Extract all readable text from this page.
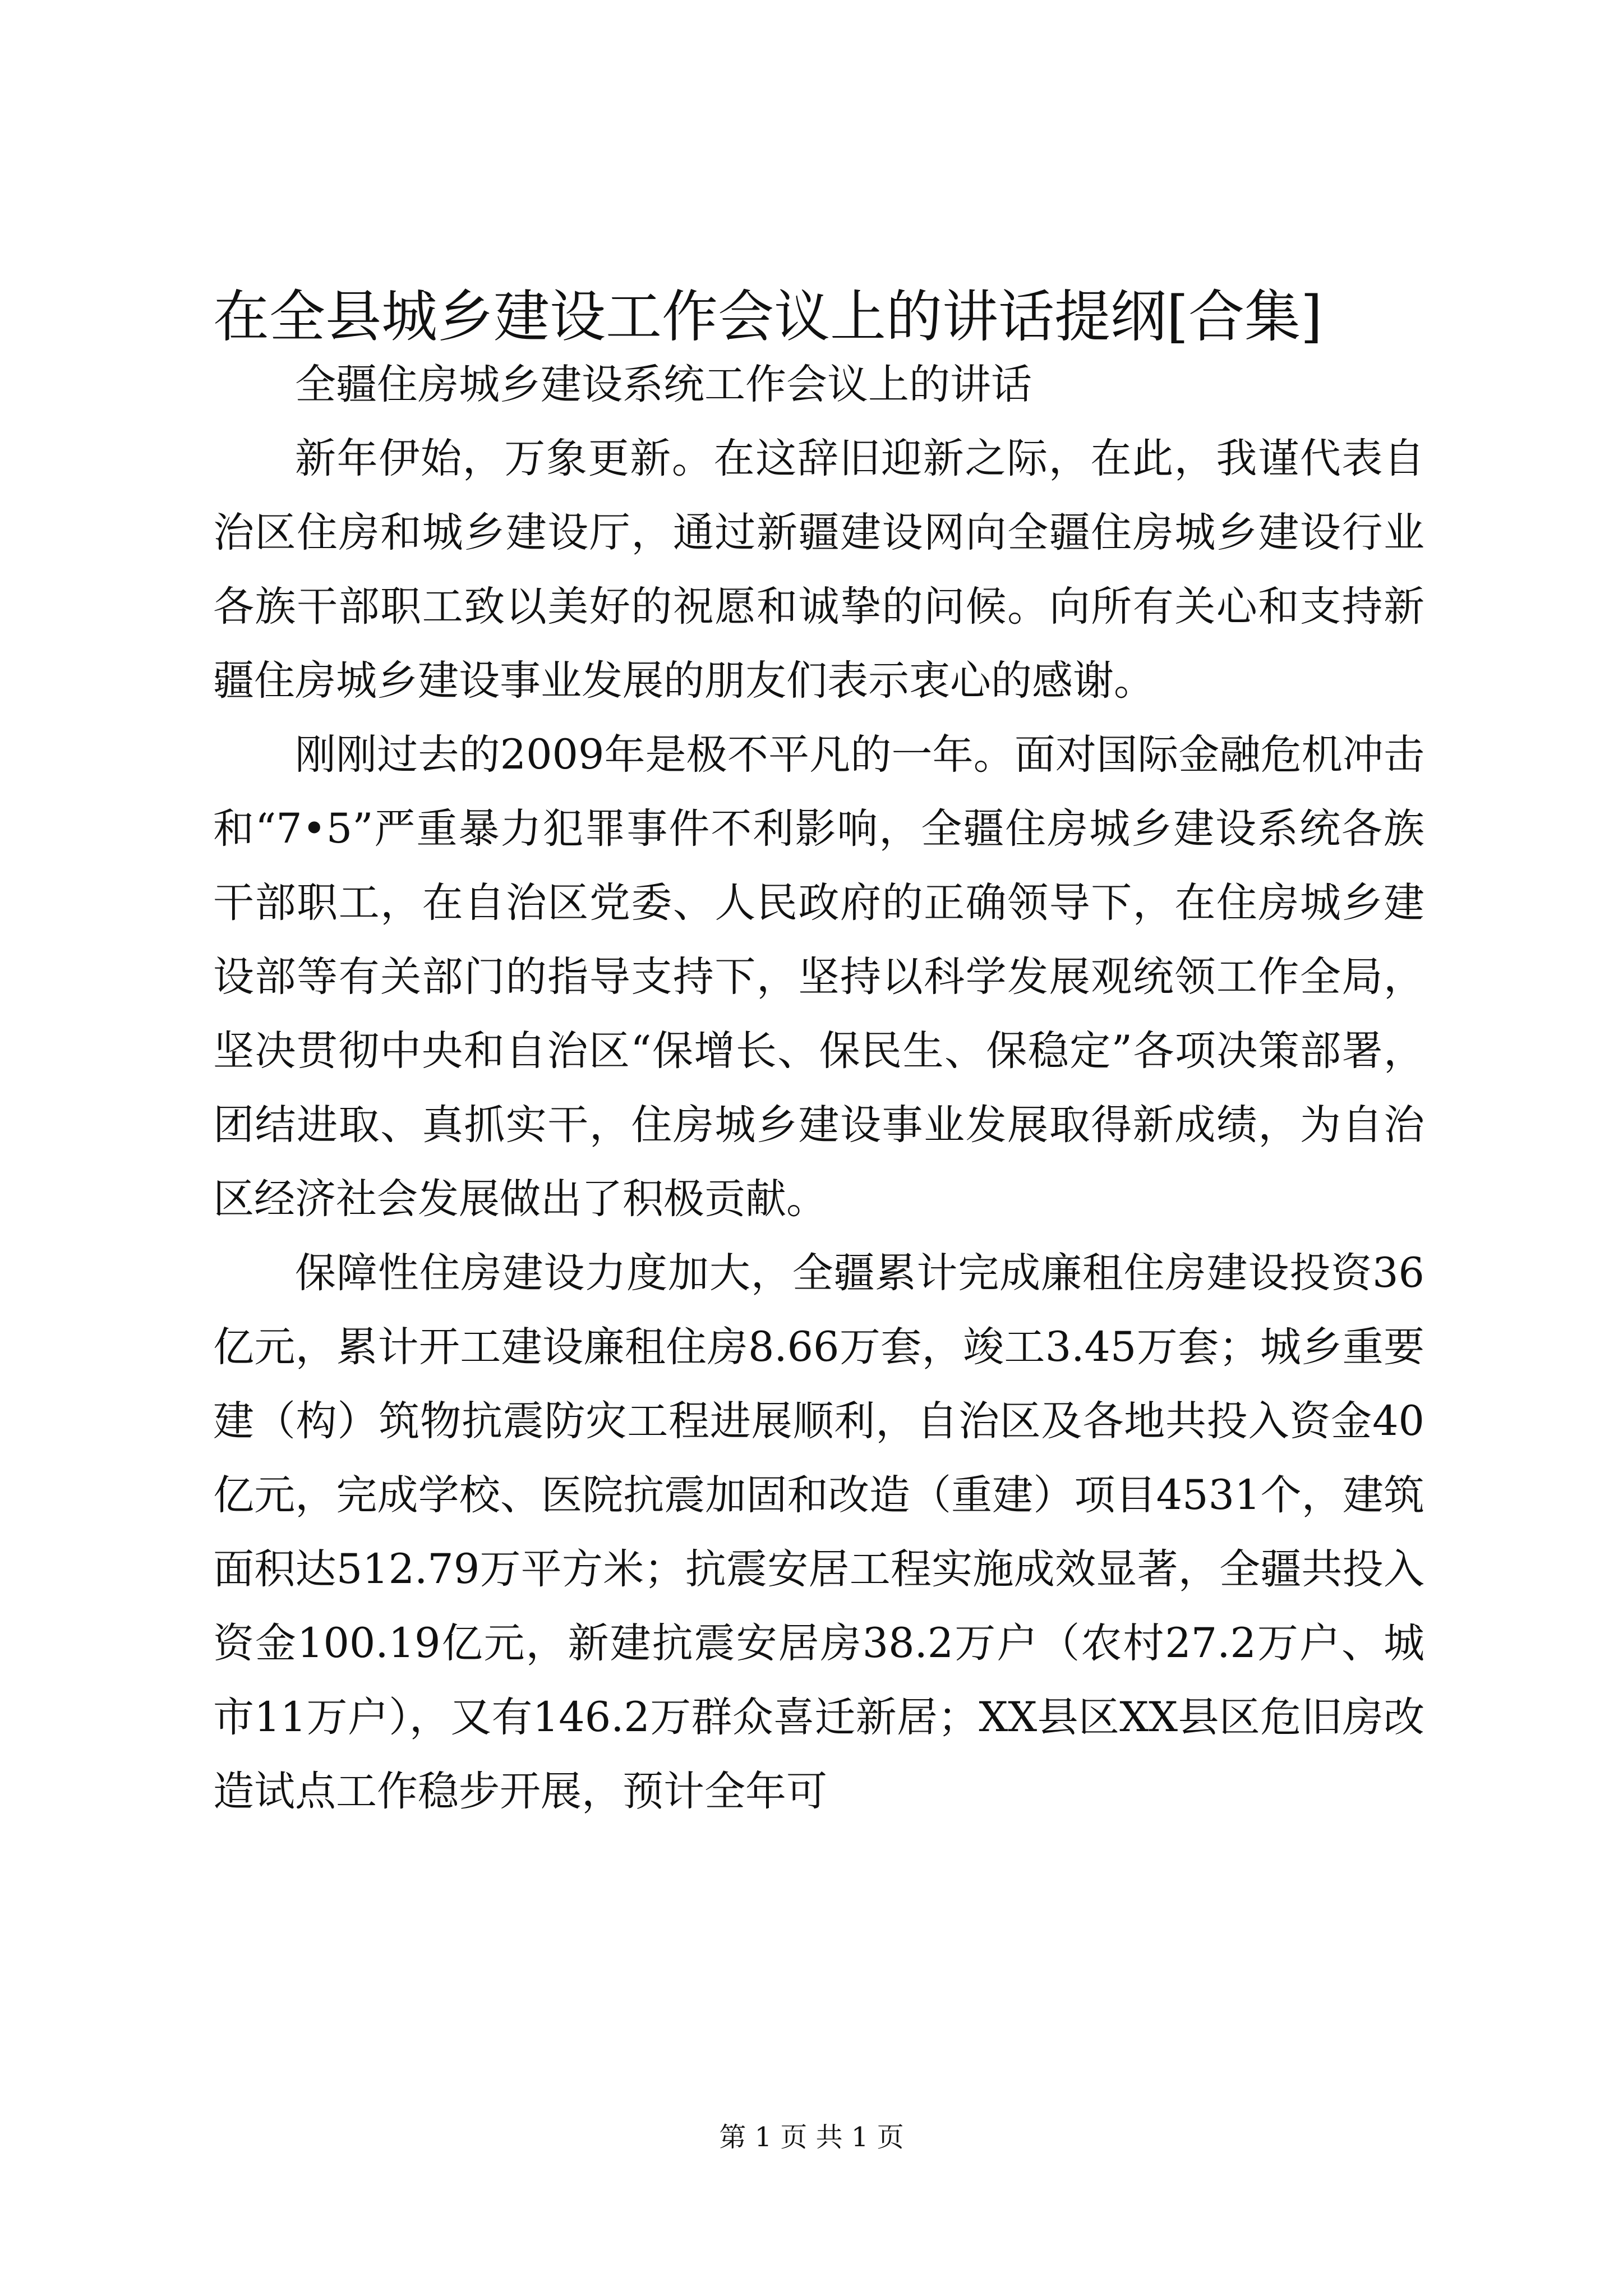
在全县城乡建设工作会议上的讲话提纲[合集]

全疆住房城乡建设系统工作会议上的讲话

新年伊始，万象更新。在这辞旧迎新之际，在此，我谨代表自治区住房和城乡建设厅，通过新疆建设网向全疆住房城乡建设行业各族干部职工致以美好的祝愿和诚挚的问候。向所有关心和支持新疆住房城乡建设事业发展的朋友们表示衷心的感谢。

刚刚过去的2009年是极不平凡的一年。面对国际金融危机冲击和“7•5”严重暴力犯罪事件不利影响，全疆住房城乡建设系统各族干部职工，在自治区党委、人民政府的正确领导下，在住房城乡建设部等有关部门的指导支持下，坚持以科学发展观统领工作全局，坚决贯彻中央和自治区“保增长、保民生、保稳定”各项决策部署，团结进取、真抓实干，住房城乡建设事业发展取得新成绩，为自治区经济社会发展做出了积极贡献。

保障性住房建设力度加大，全疆累计完成廉租住房建设投资36亿元，累计开工建设廉租住房8.66万套，竣工3.45万套；城乡重要建（构）筑物抗震防灾工程进展顺利，自治区及各地共投入资金40亿元，完成学校、医院抗震加固和改造（重建）项目4531个，建筑面积达512.79万平方米；抗震安居工程实施成效显著，全疆共投入资金100.19亿元，新建抗震安居房38.2万户（农村27.2万户、城市11万户），又有146.2万群众喜迁新居；XX县区XX县区危旧房改造试点工作稳步开展，预计全年可

第 1 页 共 1 页
